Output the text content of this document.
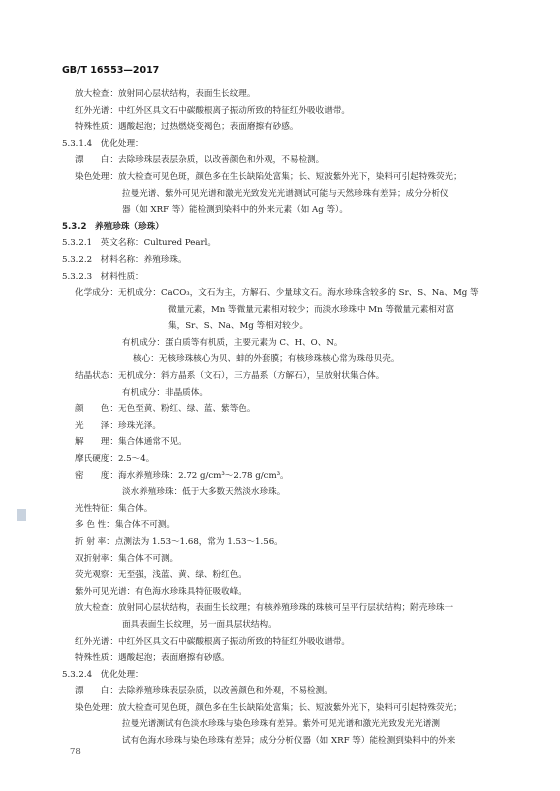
GB/T 16553—2017
放大检查：放射同心层状结构，表面生长纹理。
红外光谱：中红外区具文石中碳酸根离子振动所致的特征红外吸收谱带。
特殊性质：遇酸起泡；过热燃烧变褐色；表面磨擦有砂感。
5.3.1.4　优化处理：
漂　　白：去除珍珠层表层杂质，以改善颜色和外观，不易检测。
染色处理：放大检查可见色斑，颜色多在生长缺陷处富集；长、短波紫外光下，染料可引起特殊荧光；
拉曼光谱、紫外可见光谱和激光光致发光光谱测试可能与天然珍珠有差异；成分分析仪
器（如 XRF 等）能检测到染料中的外来元素（如 Ag 等）。
5.3.2　养殖珍珠（珍珠）
5.3.2.1　英文名称：Cultured Pearl。
5.3.2.2　材料名称：养殖珍珠。
5.3.2.3　材料性质：
化学成分：无机成分：CaCO₃，文石为主，方解石、少量球文石。海水珍珠含较多的 Sr、S、Na、Mg 等
微量元素，Mn 等微量元素相对较少；而淡水珍珠中 Mn 等微量元素相对富
集，Sr、S、Na、Mg 等相对较少。
有机成分：蛋白质等有机质，主要元素为 C、H、O、N。
核心：无核珍珠核心为贝、蚌的外套膜；有核珍珠核心常为珠母贝壳。
结晶状态：无机成分：斜方晶系（文石），三方晶系（方解石），呈放射状集合体。
有机成分：非晶质体。
颜　　色：无色至黄、粉红、绿、蓝、紫等色。
光　　泽：珍珠光泽。
解　　理：集合体通常不见。
摩氏硬度：2.5～4。
密　　度：海水养殖珍珠：2.72 g/cm³～2.78 g/cm³。
淡水养殖珍珠：低于大多数天然淡水珍珠。
光性特征：集合体。
多 色 性：集合体不可测。
折 射 率：点测法为 1.53～1.68，常为 1.53～1.56。
双折射率：集合体不可测。
荧光观察：无至强，浅蓝、黄、绿、粉红色。
紫外可见光谱：有色海水珍珠具特征吸收峰。
放大检查：放射同心层状结构，表面生长纹理；有核养殖珍珠的珠核可呈平行层状结构；附壳珍珠一
面具表面生长纹理，另一面具层状结构。
红外光谱：中红外区具文石中碳酸根离子振动所致的特征红外吸收谱带。
特殊性质：遇酸起泡；表面磨擦有砂感。
5.3.2.4　优化处理：
漂　　白：去除养殖珍珠表层杂质，以改善颜色和外观，不易检测。
78
染色处理：放大检查可见色斑，颜色多在生长缺陷处富集；长、短波紫外光下，染料可引起特殊荧光；
拉曼光谱测试有色淡水珍珠与染色珍珠有差异。紫外可见光谱和激光光致发光光谱测
试有色海水珍珠与染色珍珠有差异；成分分析仪器（如 XRF 等）能检测到染料中的外来
